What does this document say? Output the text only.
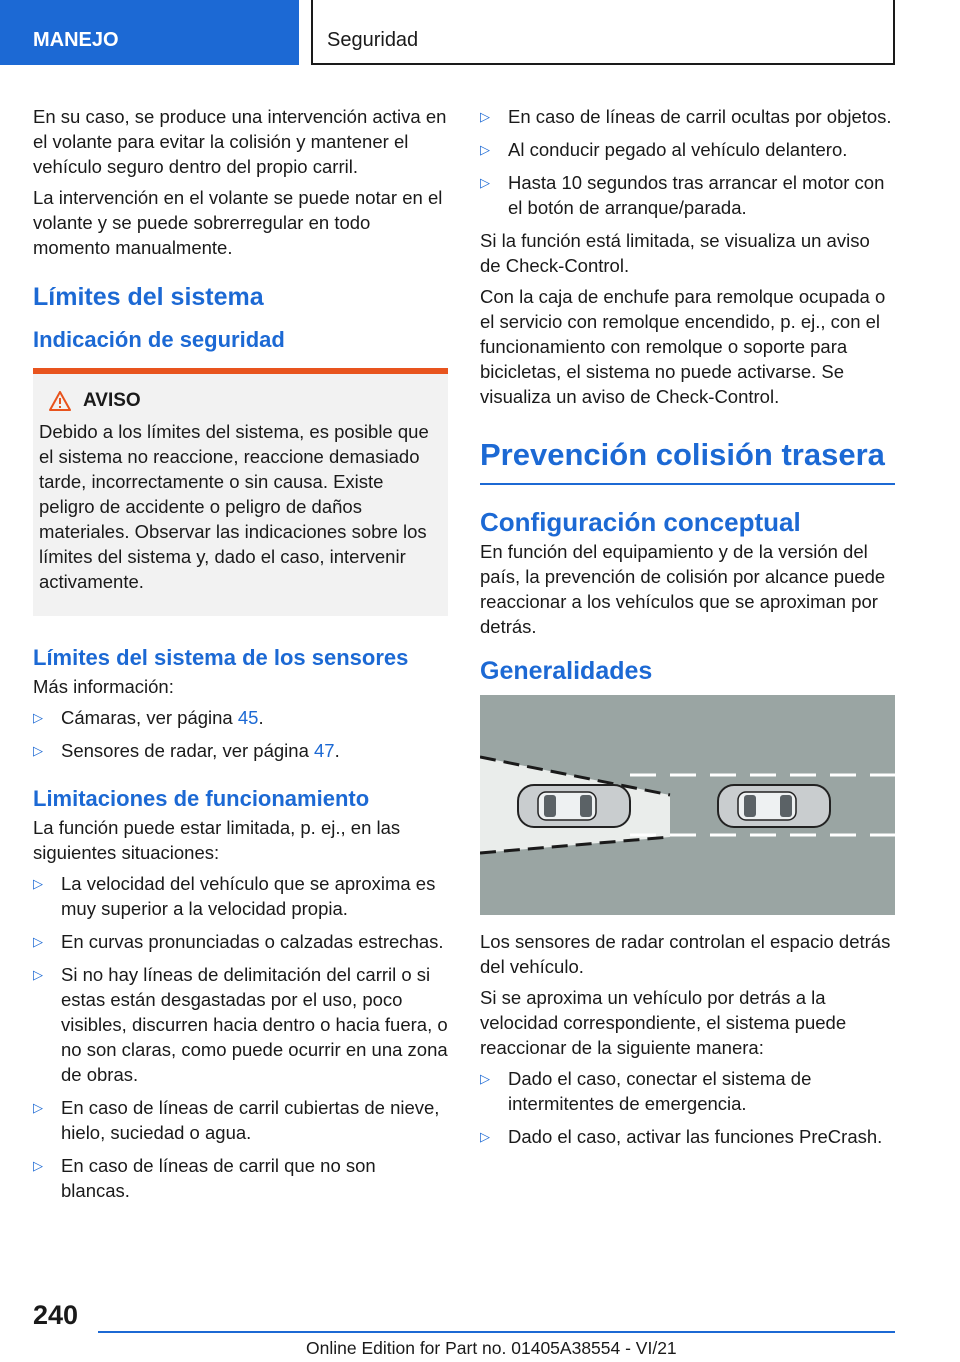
MANEJO	Seguridad

En su caso, se produce una intervención activa en el volante para evitar la colisión y mantener el vehículo seguro dentro del propio carril.

La intervención en el volante se puede notar en el volante y se puede sobrerregular en todo momento manualmente.

Límites del sistema
Indicación de seguridad
AVISO

Debido a los límites del sistema, es posible que el sistema no reaccione, reaccione demasiado tarde, incorrectamente o sin causa. Existe peligro de accidente o peligro de daños materiales. Observar las indicaciones sobre los límites del sistema y, dado el caso, intervenir activamente.

Límites del sistema de los sensores

Más información:

▷ Cámaras, ver página 45.
▷ Sensores de radar, ver página 47.
Limitaciones de funcionamiento

La función puede estar limitada, p. ej., en las siguientes situaciones:

▷ La velocidad del vehículo que se aproxima es muy superior a la velocidad propia.
▷ En curvas pronunciadas o calzadas estrechas.
▷ Si no hay líneas de delimitación del carril o si estas están desgastadas por el uso, poco visibles, discurren hacia dentro o hacia fuera, o no son claras, como puede ocurrir en una zona de obras.
▷ En caso de líneas de carril cubiertas de nieve, hielo, suciedad o agua.
▷ En caso de líneas de carril que no son blancas.
▷ En caso de líneas de carril ocultas por objetos.
▷ Al conducir pegado al vehículo delantero.
▷ Hasta 10 segundos tras arrancar el motor con el botón de arranque/parada.

Si la función está limitada, se visualiza un aviso de Check-Control.

Con la caja de enchufe para remolque ocupada o el servicio con remolque encendido, p. ej., con el funcionamiento con remolque o soporte para bicicletas, el sistema no puede activarse. Se visualiza un aviso de Check-Control.

Prevención colisión trasera
Configuración conceptual

En función del equipamiento y de la versión del país, la prevención de colisión por alcance puede reaccionar a los vehículos que se aproximan por detrás.

Generalidades

Los sensores de radar controlan el espacio detrás del vehículo.

Si se aproxima un vehículo por detrás a la velocidad correspondiente, el sistema puede reaccionar de la siguiente manera:

▷ Dado el caso, conectar el sistema de intermitentes de emergencia.
▷ Dado el caso, activar las funciones PreCrash.
240
Online Edition for Part no. 01405A38554 - VI/21
